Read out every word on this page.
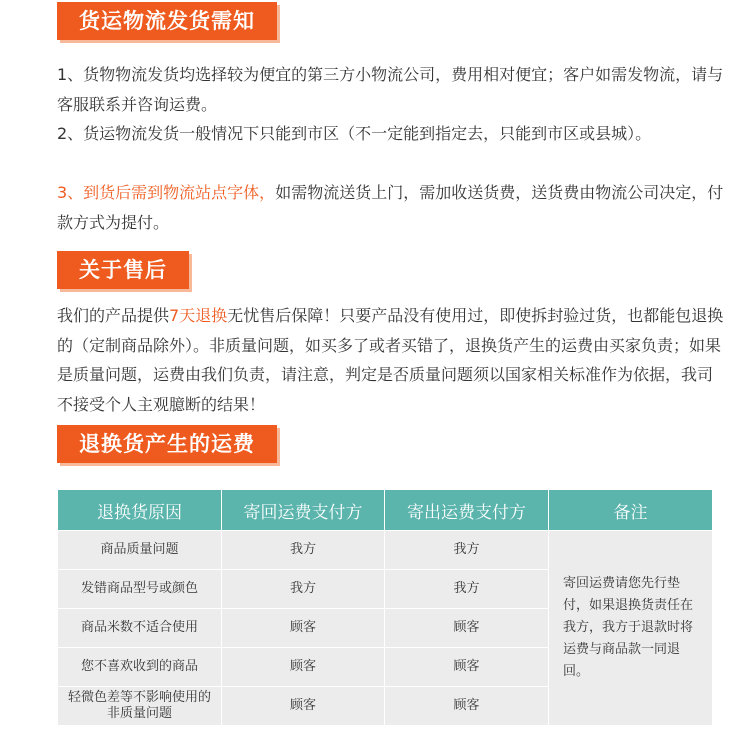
货运物流发货需知

1、货物物流发货均选择较为便宜的第三方小物流公司，费用相对便宜；客户如需发物流，请与客服联系并咨询运费。

2、货运物流发货一般情况下只能到市区（不一定能到指定去，只能到市区或县城）。

3、到货后需到物流站点字体，如需物流送货上门，需加收送货费，送货费由物流公司决定，付款方式为提付。

关于售后

我们的产品提供7天退换无忧售后保障！只要产品没有使用过，即使拆封验过货，也都能包退换的（定制商品除外）。非质量问题，如买多了或者买错了，退换货产生的运费由买家负责；如果是质量问题，运费由我们负责，请注意，判定是否质量问题须以国家相关标准作为依据，我司不接受个人主观臆断的结果！

退换货产生的运费
退换货原因	寄回运费支付方	寄出运费支付方	备注
商品质量问题	我方	我方	寄回运费请您先行垫付，如果退换货责任在我方，我方于退款时将运费与商品款一同退回。
发错商品型号或颜色	我方	我方	
商品米数不适合使用	顾客	顾客	
您不喜欢收到的商品	顾客	顾客	
轻微色差等不影响使用的非质量问题	顾客	顾客	
